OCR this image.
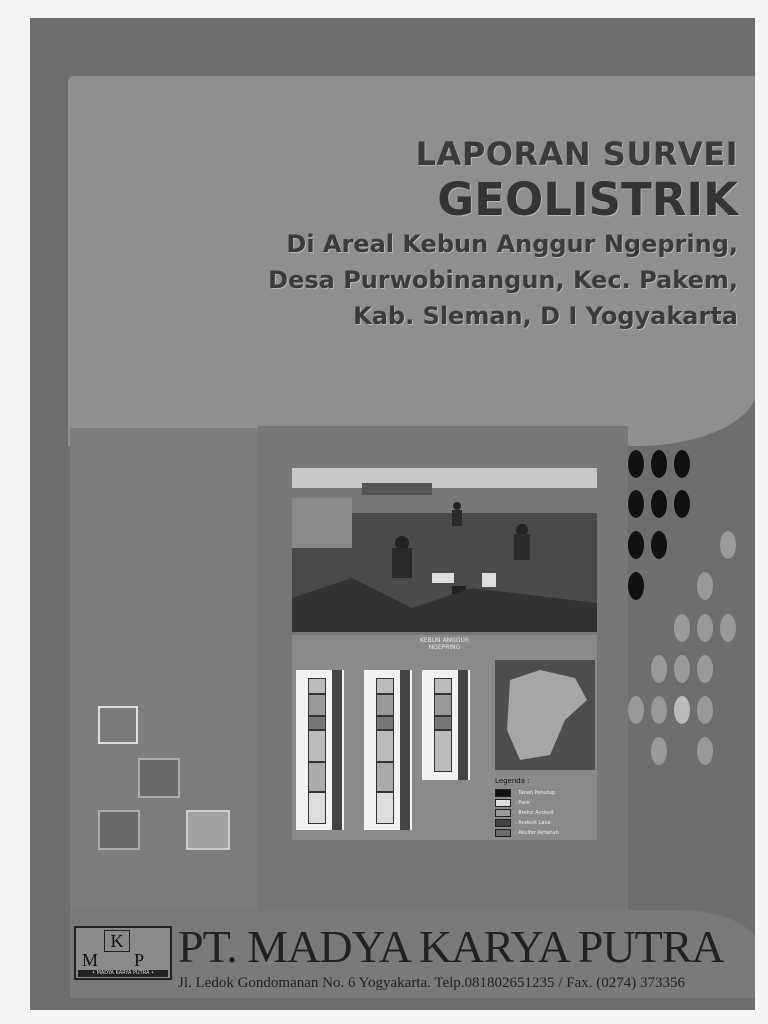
LAPORAN SURVEI
GEOLISTRIK
Di Areal Kebun Anggur Ngepring,
Desa Purwobinangun, Kec. Pakem,
Kab. Sleman, D I Yogyakarta
KEBUN ANGGUR
NGEPRING
Legenda :
: Tanah Penutup
: Pasir
: Breksi Andesit
: Andesit Lava
: Akuifer Airtanah
K
M P
• MADYA KARYA PUTRA •
PT. MADYA KARYA PUTRA
Jl. Ledok Gondomanan No. 6 Yogyakarta. Telp.081802651235 / Fax. (0274) 373356
